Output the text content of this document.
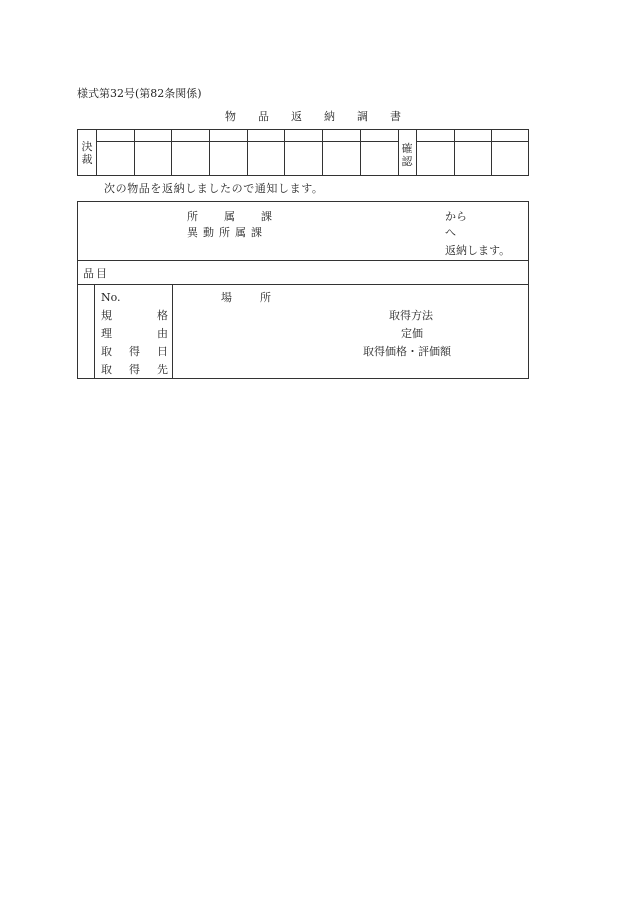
様式第32号(第82条関係)
物品返納調書
決裁
確認
次の物品を返納しましたので通知します。
所属課
異動所属課
から
へ
返納します。
品目
No.
規格
理由
取得日
取得先
場所
取得方法
定価
取得価格・評価額
